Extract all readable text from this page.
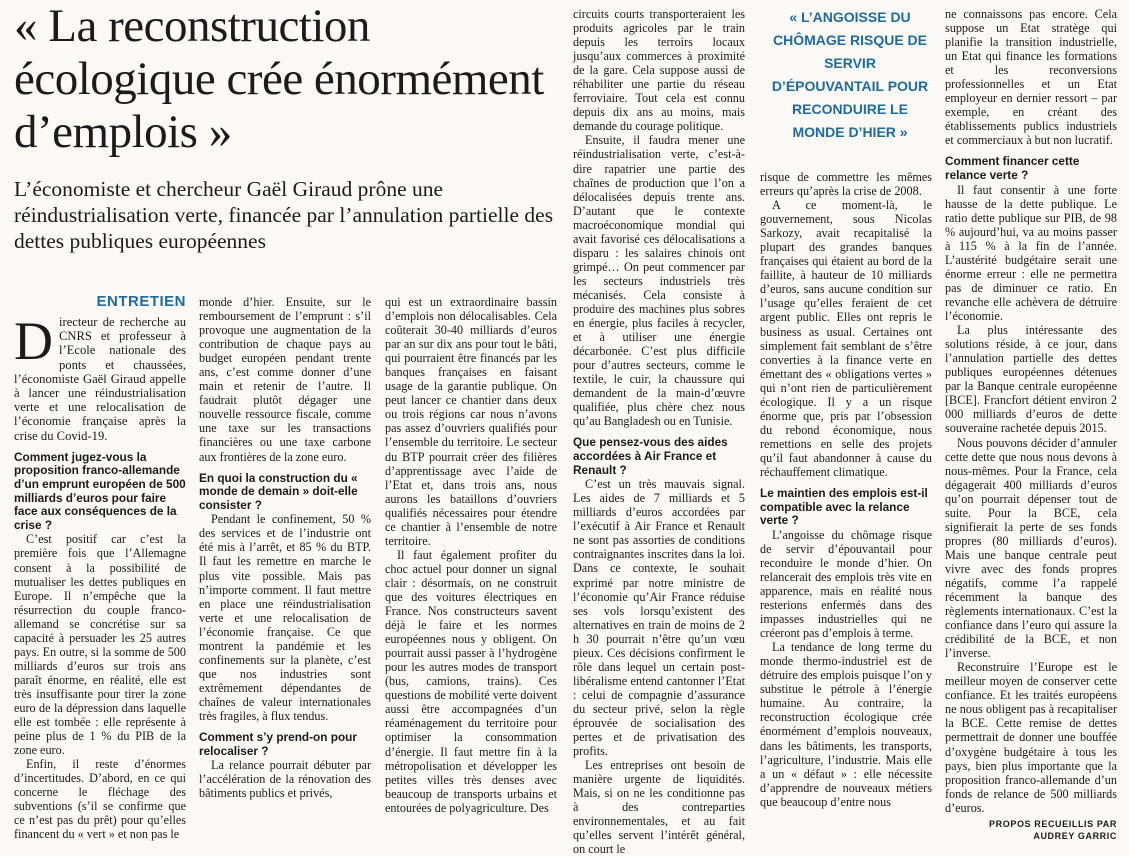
« La reconstruction écologique crée énormément d’emplois »
L’économiste et chercheur Gaël Giraud prône une réindustrialisation verte, financée par l’annulation partielle des dettes publiques européennes
ENTRETIEN

Directeur de recherche au CNRS et professeur à l’Ecole nationale des ponts et chaussées, l’économiste Gaël Giraud appelle à lancer une réindustrialisation verte et une relocalisation de l’économie française après la crise du Covid-19.

Comment jugez-vous la proposition franco-allemande d’un emprunt européen de 500 milliards d’euros pour faire face aux conséquences de la crise ?

C’est positif car c’est la première fois que l’Allemagne consent à la possibilité de mutualiser les dettes publiques en Europe. Il n’empêche que la résurrection du couple franco-allemand se concrétise sur sa capacité à persuader les 25 autres pays. En outre, si la somme de 500 milliards d’euros sur trois ans paraît énorme, en réalité, elle est très insuffisante pour tirer la zone euro de la dépression dans laquelle elle est tombée : elle représente à peine plus de 1 % du PIB de la zone euro.

Enfin, il reste d’énormes d’incertitudes. D’abord, en ce qui concerne le fléchage des subventions (s’il se confirme que ce n’est pas du prêt) pour qu’elles financent du « vert » et non pas le

monde d’hier. Ensuite, sur le remboursement de l’emprunt : s’il provoque une augmentation de la contribution de chaque pays au budget européen pendant trente ans, c’est comme donner d’une main et retenir de l’autre. Il faudrait plutôt dégager une nouvelle ressource fiscale, comme une taxe sur les transactions financières ou une taxe carbone aux frontières de la zone euro.

En quoi la construction du « monde de demain » doit-elle consister ?

Pendant le confinement, 50 % des services et de l’industrie ont été mis à l’arrêt, et 85 % du BTP. Il faut les remettre en marche le plus vite possible. Mais pas n’importe comment. Il faut mettre en place une réindustrialisation verte et une relocalisation de l’économie française. Ce que montrent la pandémie et les confinements sur la planète, c’est que nos industries sont extrêmement dépendantes de chaînes de valeur internationales très fragiles, à flux tendus.

Comment s’y prend-on pour relocaliser ?

La relance pourrait débuter par l’accélération de la rénovation des bâtiments publics et privés,

qui est un extraordinaire bassin d’emplois non délocalisables. Cela coûterait 30-40 milliards d’euros par an sur dix ans pour tout le bâti, qui pourraient être financés par les banques françaises en faisant usage de la garantie publique. On peut lancer ce chantier dans deux ou trois régions car nous n’avons pas assez d’ouvriers qualifiés pour l’ensemble du territoire. Le secteur du BTP pourrait créer des filières d’apprentissage avec l’aide de l’Etat et, dans trois ans, nous aurons les bataillons d’ouvriers qualifiés nécessaires pour étendre ce chantier à l’ensemble de notre territoire.

Il faut également profiter du choc actuel pour donner un signal clair : désormais, on ne construit que des voitures électriques en France. Nos constructeurs savent déjà le faire et les normes européennes nous y obligent. On pourrait aussi passer à l’hydrogène pour les autres modes de transport (bus, camions, trains). Ces questions de mobilité verte doivent aussi être accompagnées d’un réaménagement du territoire pour optimiser la consommation d’énergie. Il faut mettre fin à la métropolisation et développer les petites villes très denses avec beaucoup de transports urbains et entourées de polyagriculture. Des

circuits courts transporteraient les produits agricoles par le train depuis les terroirs locaux jusqu’aux commerces à proximité de la gare. Cela suppose aussi de réhabiliter une partie du réseau ferroviaire. Tout cela est connu depuis dix ans au moins, mais demande du courage politique.

Ensuite, il faudra mener une réindustrialisation verte, c’est-à-dire rapatrier une partie des chaînes de production que l’on a délocalisées depuis trente ans. D’autant que le contexte macroéconomique mondial qui avait favorisé ces délocalisations a disparu : les salaires chinois ont grimpé… On peut commencer par les secteurs industriels très mécanisés. Cela consiste à produire des machines plus sobres en énergie, plus faciles à recycler, et à utiliser une énergie décarbonée. C’est plus difficile pour d’autres secteurs, comme le textile, le cuir, la chaussure qui demandent de la main-d’œuvre qualifiée, plus chère chez nous qu’au Bangladesh ou en Tunisie.

Que pensez-vous des aides accordées à Air France et Renault ?

C’est un très mauvais signal. Les aides de 7 milliards et 5 milliards d’euros accordées par l’exécutif à Air France et Renault ne sont pas assorties de conditions contraignantes inscrites dans la loi. Dans ce contexte, le souhait exprimé par notre ministre de l’économie qu’Air France réduise ses vols lorsqu’existent des alternatives en train de moins de 2 h 30 pourrait n’être qu’un vœu pieux. Ces décisions confirment le rôle dans lequel un certain post-libéralisme entend cantonner l’Etat : celui de compagnie d’assurance du secteur privé, selon la règle éprouvée de socialisation des pertes et de privatisation des profits.

Les entreprises ont besoin de manière urgente de liquidités. Mais, si on ne les conditionne pas à des contreparties environnementales, et au fait qu’elles servent l’intérêt général, on court le

« L’ANGOISSE DU CHÔMAGE RISQUE DE SERVIR D’ÉPOUVANTAIL POUR RECONDUIRE LE MONDE D’HIER »

risque de commettre les mêmes erreurs qu’après la crise de 2008.

A ce moment-là, le gouvernement, sous Nicolas Sarkozy, avait recapitalisé la plupart des grandes banques françaises qui étaient au bord de la faillite, à hauteur de 10 milliards d’euros, sans aucune condition sur l’usage qu’elles feraient de cet argent public. Elles ont repris le business as usual. Certaines ont simplement fait semblant de s’être converties à la finance verte en émettant des « obligations vertes » qui n’ont rien de particulièrement écologique. Il y a un risque énorme que, pris par l’obsession du rebond économique, nous remettions en selle des projets qu’il faut abandonner à cause du réchauffement climatique.

Le maintien des emplois est-il compatible avec la relance verte ?

L’angoisse du chômage risque de servir d’épouvantail pour reconduire le monde d’hier. On relancerait des emplois très vite en apparence, mais en réalité nous resterions enfermés dans des impasses industrielles qui ne créeront pas d’emplois à terme.

La tendance de long terme du monde thermo-industriel est de détruire des emplois puisque l’on y substitue le pétrole à l’énergie humaine. Au contraire, la reconstruction écologique crée énormément d’emplois nouveaux, dans les bâtiments, les transports, l’agriculture, l’industrie. Mais elle a un « défaut » : elle nécessite d’apprendre de nouveaux métiers que beaucoup d’entre nous

ne connaissons pas encore. Cela suppose un Etat stratège qui planifie la transition industrielle, un Etat qui finance les formations et les reconversions professionnelles et un Etat employeur en dernier ressort – par exemple, en créant des établissements publics industriels et commerciaux à but non lucratif.

Comment financer cette relance verte ?

Il faut consentir à une forte hausse de la dette publique. Le ratio dette publique sur PIB, de 98 % aujourd’hui, va au moins passer à 115 % à la fin de l’année. L’austérité budgétaire serait une énorme erreur : elle ne permettra pas de diminuer ce ratio. En revanche elle achèvera de détruire l’économie.

La plus intéressante des solutions réside, à ce jour, dans l’annulation partielle des dettes publiques européennes détenues par la Banque centrale européenne [BCE]. Francfort détient environ 2 000 milliards d’euros de dette souveraine rachetée depuis 2015.

Nous pouvons décider d’annuler cette dette que nous nous devons à nous-mêmes. Pour la France, cela dégagerait 400 milliards d’euros qu’on pourrait dépenser tout de suite. Pour la BCE, cela signifierait la perte de ses fonds propres (80 milliards d’euros). Mais une banque centrale peut vivre avec des fonds propres négatifs, comme l’a rappelé récemment la banque des règlements internationaux. C’est la confiance dans l’euro qui assure la crédibilité de la BCE, et non l’inverse.

Reconstruire l’Europe est le meilleur moyen de conserver cette confiance. Et les traités européens ne nous obligent pas à recapitaliser la BCE. Cette remise de dettes permettrait de donner une bouffée d’oxygène budgétaire à tous les pays, bien plus importante que la proposition franco-allemande d’un fonds de relance de 500 milliards d’euros.

PROPOS RECUEILLIS PAR
AUDREY GARRIC
